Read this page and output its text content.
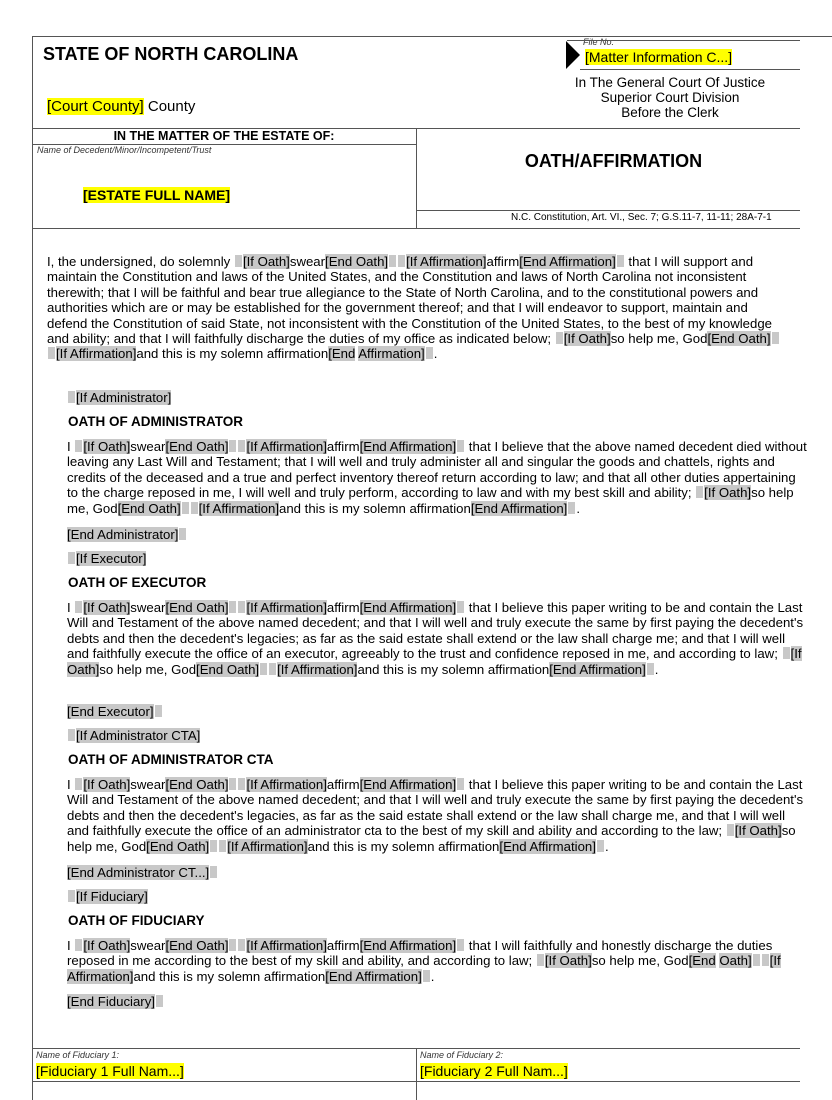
STATE OF NORTH CAROLINA
[Court County] County
File No.
[Matter Information C...]
In The General Court Of Justice
Superior Court Division
Before the Clerk
IN THE MATTER OF THE ESTATE OF:
Name of Decedent/Minor/Incompetent/Trust
[ESTATE FULL NAME]
OATH/AFFIRMATION
N.C. Constitution, Art. VI., Sec. 7; G.S.11-7, 11-11; 28A-7-1

I, the undersigned, do solemnly [If Oath]swear[End Oath] [If Affirmation]affirm[End Affirmation] that I will support and maintain the Constitution and laws of the United States, and the Constitution and laws of North Carolina not inconsistent therewith; that I will be faithful and bear true allegiance to the State of North Carolina, and to the constitutional powers and authorities which are or may be established for the government thereof; and that I will endeavor to support, maintain and defend the Constitution of said State, not inconsistent with the Constitution of the United States, to the best of my knowledge and ability; and that I will faithfully discharge the duties of my office as indicated below; [If Oath]so help me, God[End Oath][If Affirmation]and this is my solemn affirmation[End Affirmation] .

[If Administrator]
OATH OF ADMINISTRATOR

I [If Oath]swear[End Oath] [If Affirmation]affirm[End Affirmation] that I believe that the above named decedent died without leaving any Last Will and Testament; that I will well and truly administer all and singular the goods and chattels, rights and credits of the deceased and a true and perfect inventory thereof return according to law; and that all other duties appertaining to the charge reposed in me, I will well and truly perform, according to law and with my best skill and ability; [If Oath]so help me, God[End Oath] [If Affirmation]and this is my solemn affirmation[End Affirmation] .

[End Administrator]
[If Executor]
OATH OF EXECUTOR

I [If Oath]swear[End Oath] [If Affirmation]affirm[End Affirmation] that I believe this paper writing to be and contain the Last Will and Testament of the above named decedent; and that I will well and truly execute the same by first paying the decedent's debts and then the decedent's legacies; as far as the said estate shall extend or the law shall charge me; and that I will well and faithfully execute the office of an executor, agreeably to the trust and confidence reposed in me, and according to law; [If Oath]so help me, God[End Oath] [If Affirmation]and this is my solemn affirmation[End Affirmation] .

[End Executor]
[If Administrator CTA]
OATH OF ADMINISTRATOR CTA

I [If Oath]swear[End Oath] [If Affirmation]affirm[End Affirmation] that I believe this paper writing to be and contain the Last Will and Testament of the above named decedent; and that I will well and truly execute the same by first paying the decedent's debts and then the decedent's legacies, as far as the said estate shall extend or the law shall charge me, and that I will well and faithfully execute the office of an administrator cta to the best of my skill and ability and according to the law; [If Oath]so help me, God[End Oath] [If Affirmation]and this is my solemn affirmation[End Affirmation] .

[End Administrator CT...]
[If Fiduciary]
OATH OF FIDUCIARY

I [If Oath]swear[End Oath] [If Affirmation]affirm[End Affirmation] that I will faithfully and honestly discharge the duties reposed in me according to the best of my skill and ability, and according to law; [If Oath]so help me, God[End Oath] [If Affirmation]and this is my solemn affirmation[End Affirmation] .

[End Fiduciary]
Name of Fiduciary 1:
[Fiduciary 1 Full Nam...]
Name of Fiduciary 2:
[Fiduciary 2 Full Nam...]
